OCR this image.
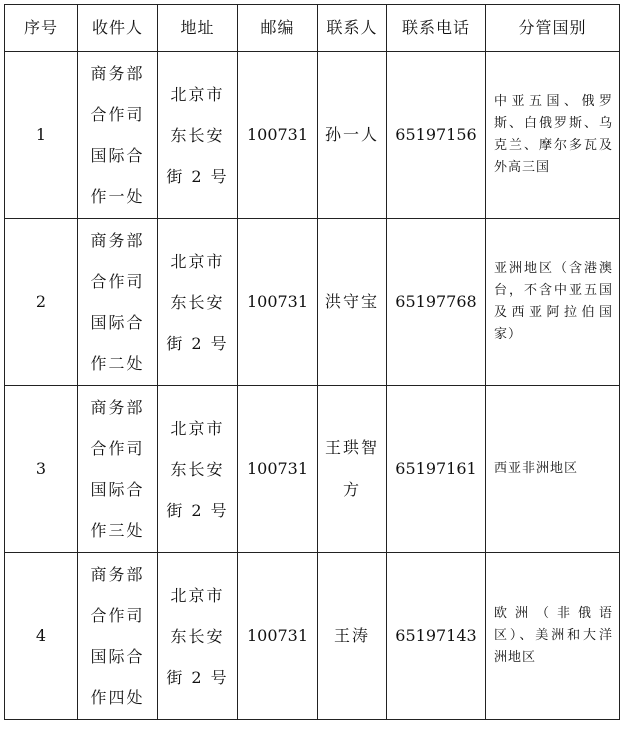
序号	收件人	地址	邮编	联系人	联系电话	分管国别
1	商务部
合作司
国际合
作一处	北京市
东长安
街 2 号	100731	孙一人	65197156	中亚五国、俄罗斯、白俄罗斯、乌克兰、摩尔多瓦及外高三国

2	商务部
合作司
国际合
作二处	北京市
东长安
街 2 号	100731	洪守宝	65197768	亚洲地区（含港澳台，不含中亚五国及西亚阿拉伯国家）

3	商务部
合作司
国际合
作三处	北京市
东长安
街 2 号	100731	王珙智
方	65197161	西亚非洲地区

4	商务部
合作司
国际合
作四处	北京市
东长安
街 2 号	100731	王涛	65197143	欧洲（非俄语区）、美洲和大洋洲地区
